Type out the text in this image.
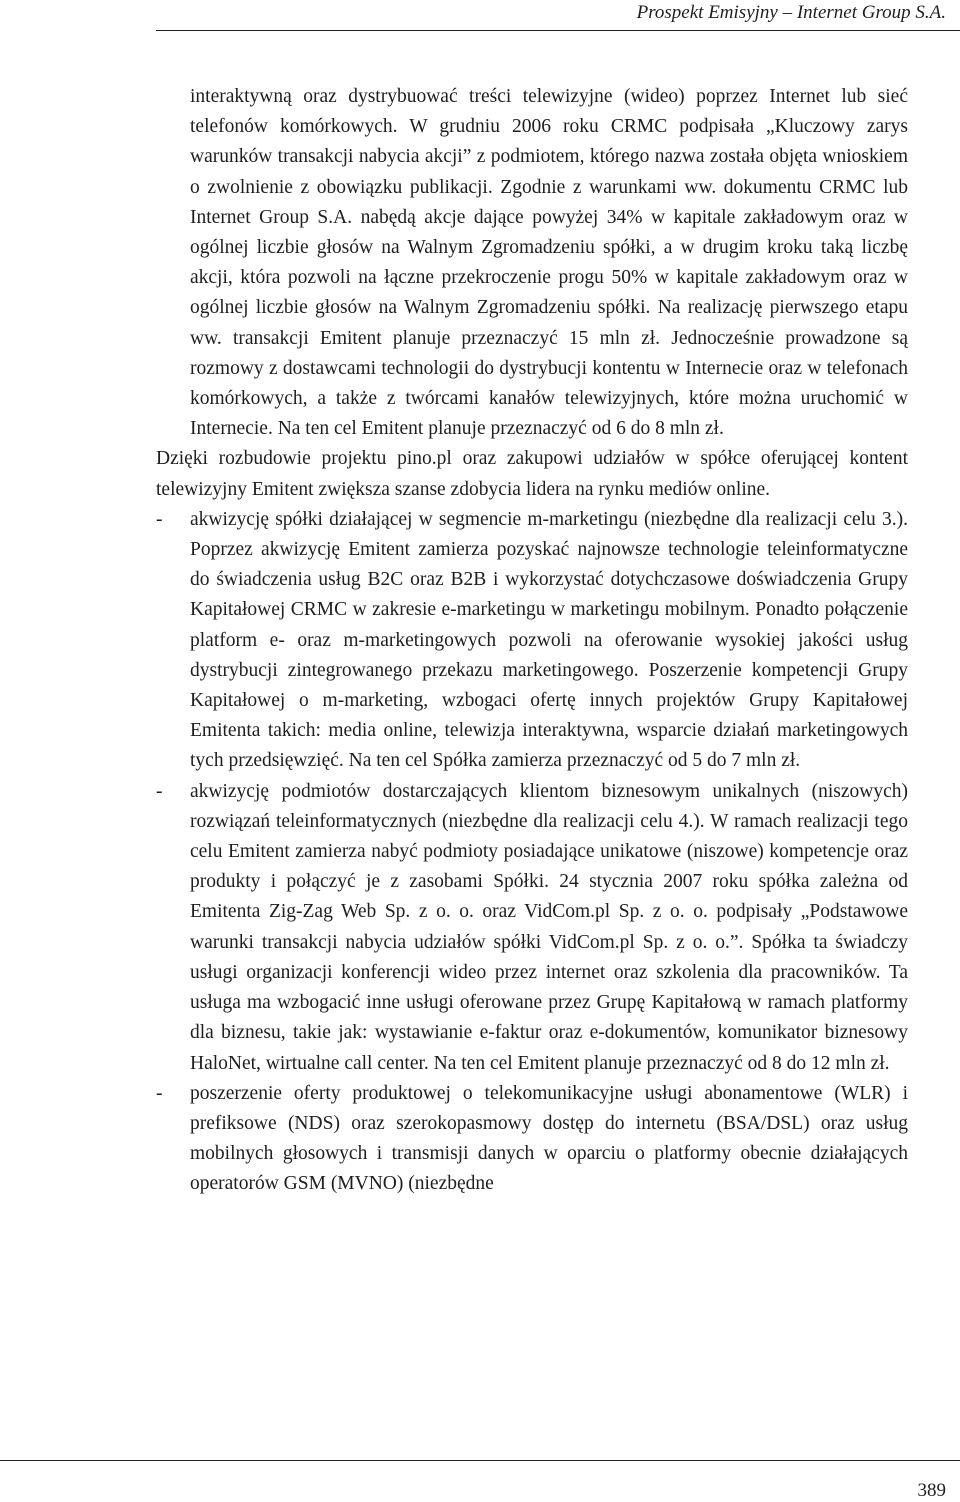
Prospekt Emisyjny – Internet Group S.A.

interaktywną oraz dystrybuować treści telewizyjne (wideo) poprzez Internet lub sieć telefonów komórkowych. W grudniu 2006 roku CRMC podpisała „Kluczowy zarys warunków transakcji nabycia akcji” z podmiotem, którego nazwa została objęta wnioskiem o zwolnienie z obowiązku publikacji. Zgodnie z warunkami ww. dokumentu CRMC lub Internet Group S.A. nabędą akcje dające powyżej 34% w kapitale zakładowym oraz w ogólnej liczbie głosów na Walnym Zgromadzeniu spółki, a w drugim kroku taką liczbę akcji, która pozwoli na łączne przekroczenie progu 50% w kapitale zakładowym oraz w ogólnej liczbie głosów na Walnym Zgromadzeniu spółki. Na realizację pierwszego etapu ww. transakcji Emitent planuje przeznaczyć 15 mln zł. Jednocześnie prowadzone są rozmowy z dostawcami technologii do dystrybucji kontentu w Internecie oraz w telefonach komórkowych, a także z twórcami kanałów telewizyjnych, które można uruchomić w Internecie. Na ten cel Emitent planuje przeznaczyć od 6 do 8 mln zł.

Dzięki rozbudowie projektu pino.pl oraz zakupowi udziałów w spółce oferującej kontent telewizyjny Emitent zwiększa szanse zdobycia lidera na rynku mediów online.

- akwizycję spółki działającej w segmencie m-marketingu (niezbędne dla realizacji celu 3.). Poprzez akwizycję Emitent zamierza pozyskać najnowsze technologie teleinformatyczne do świadczenia usług B2C oraz B2B i wykorzystać dotychczasowe doświadczenia Grupy Kapitałowej CRMC w zakresie e-marketingu w marketingu mobilnym. Ponadto połączenie platform e- oraz m-marketingowych pozwoli na oferowanie wysokiej jakości usług dystrybucji zintegrowanego przekazu marketingowego. Poszerzenie kompetencji Grupy Kapitałowej o m-marketing, wzbogaci ofertę innych projektów Grupy Kapitałowej Emitenta takich: media online, telewizja interaktywna, wsparcie działań marketingowych tych przedsięwzięć. Na ten cel Spółka zamierza przeznaczyć od 5 do 7 mln zł.
- akwizycję podmiotów dostarczających klientom biznesowym unikalnych (niszowych) rozwiązań teleinformatycznych (niezbędne dla realizacji celu 4.). W ramach realizacji tego celu Emitent zamierza nabyć podmioty posiadające unikatowe (niszowe) kompetencje oraz produkty i połączyć je z zasobami Spółki. 24 stycznia 2007 roku spółka zależna od Emitenta Zig-Zag Web Sp. z o. o. oraz VidCom.pl Sp. z o. o. podpisały „Podstawowe warunki transakcji nabycia udziałów spółki VidCom.pl Sp. z o. o.”. Spółka ta świadczy usługi organizacji konferencji wideo przez internet oraz szkolenia dla pracowników. Ta usługa ma wzbogacić inne usługi oferowane przez Grupę Kapitałową w ramach platformy dla biznesu, takie jak: wystawianie e-faktur oraz e-dokumentów, komunikator biznesowy HaloNet, wirtualne call center. Na ten cel Emitent planuje przeznaczyć od 8 do 12 mln zł.
- poszerzenie oferty produktowej o telekomunikacyjne usługi abonamentowe (WLR) i prefiksowe (NDS) oraz szerokopasmowy dostęp do internetu (BSA/DSL) oraz usług mobilnych głosowych i transmisji danych w oparciu o platformy obecnie działających operatorów GSM (MVNO) (niezbędne
389
